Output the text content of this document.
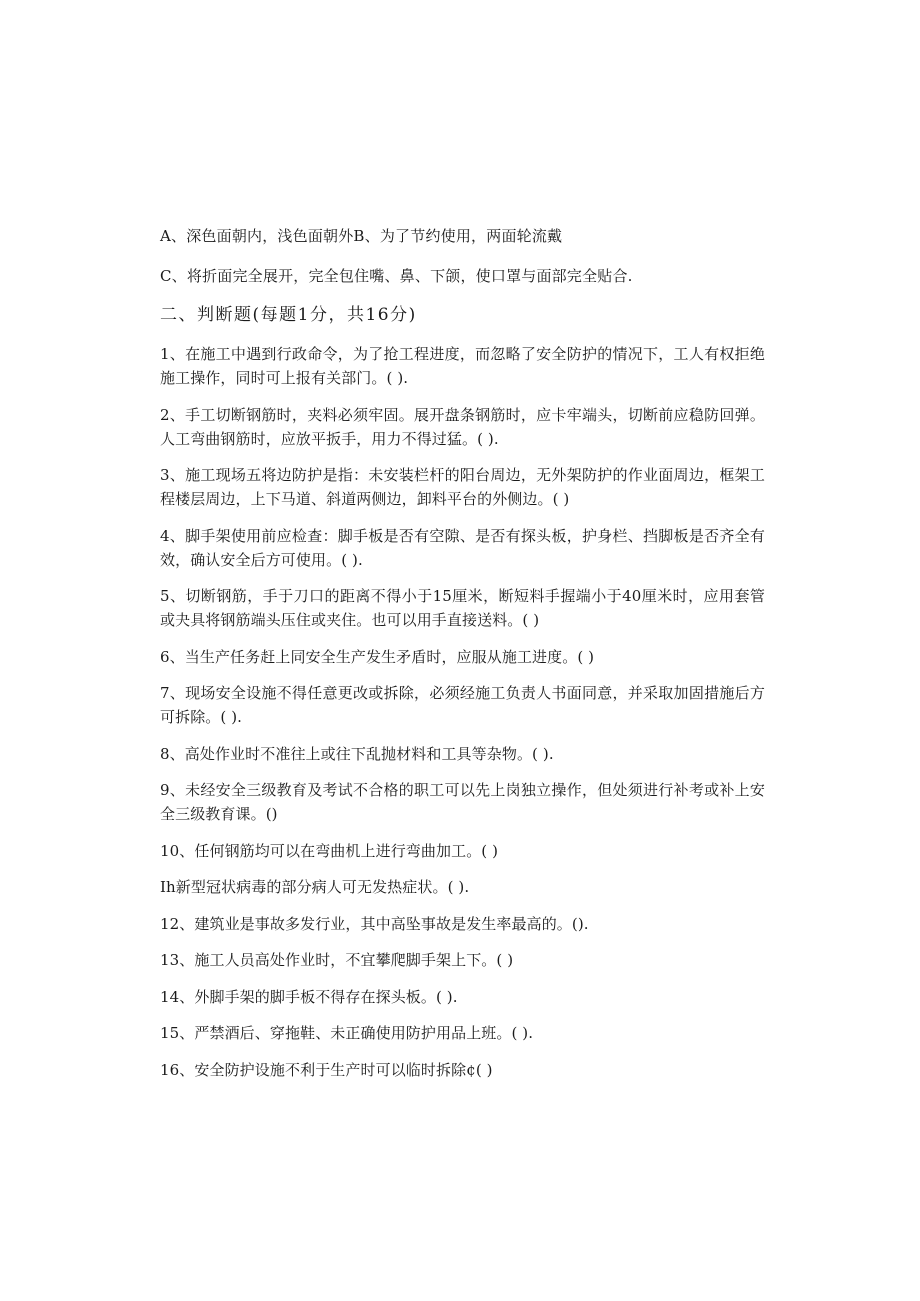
A、深色面朝内，浅色面朝外B、为了节约使用，两面轮流戴

C、将折面完全展开，完全包住嘴、鼻、下颌，使口罩与面部完全贴合.

二、判断题(每题1分，共16分)
1、在施工中遇到行政命令，为了抢工程进度，而忽略了安全防护的情况下，工人有权拒绝施工操作，同时可上报有关部门。( ).
2、手工切断钢筋时，夹料必须牢固。展开盘条钢筋时，应卡牢端头，切断前应稳防回弹。人工弯曲钢筋时，应放平扳手，用力不得过猛。( ).
3、施工现场五将边防护是指：未安装栏杆的阳台周边，无外架防护的作业面周边，框架工程楼层周边，上下马道、斜道两侧边，卸料平台的外侧边。( )
4、脚手架使用前应检查：脚手板是否有空隙、是否有探头板，护身栏、挡脚板是否齐全有效，确认安全后方可使用。( ).
5、切断钢筋，手于刀口的距离不得小于15厘米，断短料手握端小于40厘米时，应用套管或夬具将钢筋端头压住或夹住。也可以用手直接送料。( )
6、当生产任务赶上同安全生产发生矛盾时，应服从施工进度。( )
7、现场安全设施不得任意更改或拆除，必须经施工负责人书面同意，并采取加固措施后方可拆除。( ).
8、高处作业时不准往上或往下乱抛材料和工具等杂物。( ).
9、未经安全三级教育及考试不合格的职工可以先上岗独立操作，但处须进行补考或补上安全三级教育课。()
10、任何钢筋均可以在弯曲机上进行弯曲加工。( )
Ih新型冠状病毒的部分病人可无发热症状。( ).
12、建筑业是事故多发行业，其中高坠事故是发生率最高的。().
13、施工人员高处作业时，不宜攀爬脚手架上下。( )
14、外脚手架的脚手板不得存在探头板。( ).
15、严禁酒后、穿拖鞋、未正确使用防护用品上班。( ).
16、安全防护设施不利于生产时可以临时拆除¢( )
